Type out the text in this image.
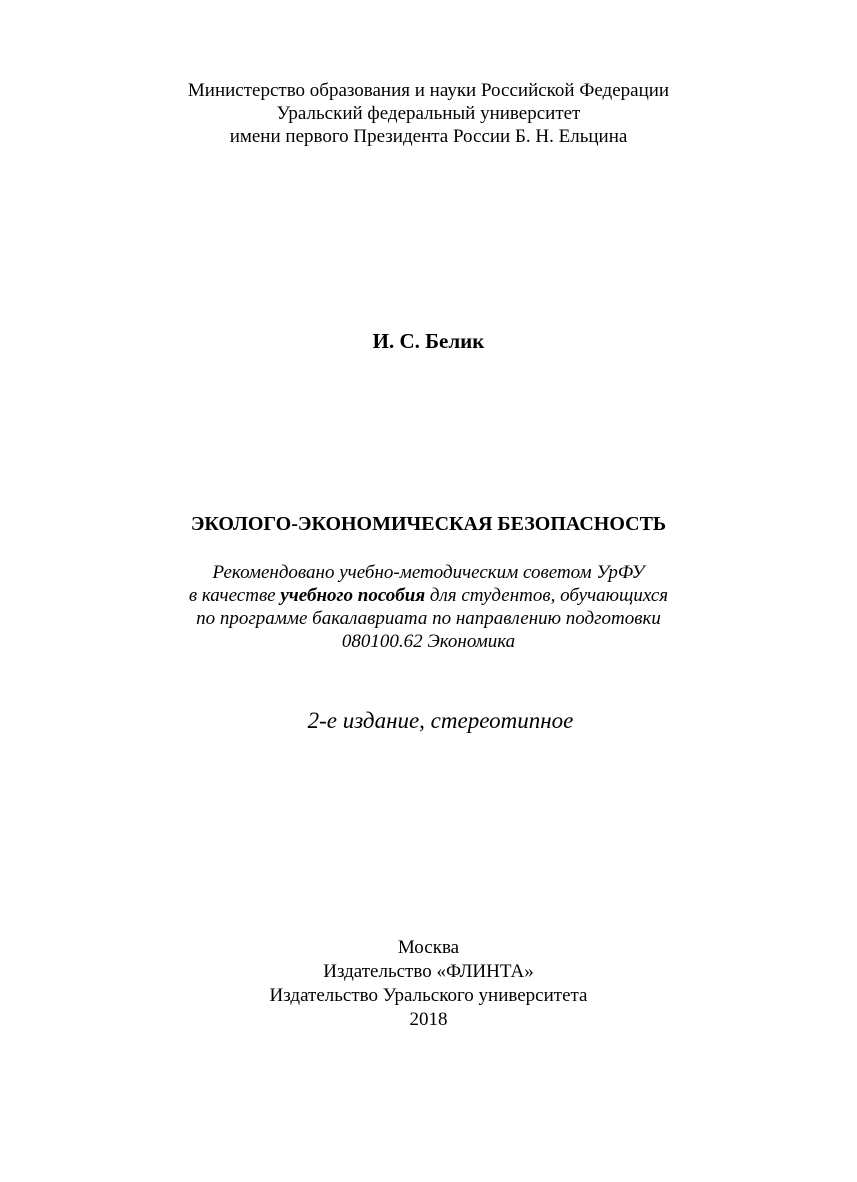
Министерство образования и науки Российской Федерации
Уральский федеральный университет
имени первого Президента России Б. Н. Ельцина
И. С. Белик
ЭКОЛОГО-ЭКОНОМИЧЕСКАЯ БЕЗОПАСНОСТЬ
Рекомендовано учебно-методическим советом УрФУ
в качестве учебного пособия для студентов, обучающихся
по программе бакалавриата по направлению подготовки
080100.62 Экономика
2-е издание, стереотипное
Москва
Издательство «ФЛИНТА»
Издательство Уральского университета
2018
